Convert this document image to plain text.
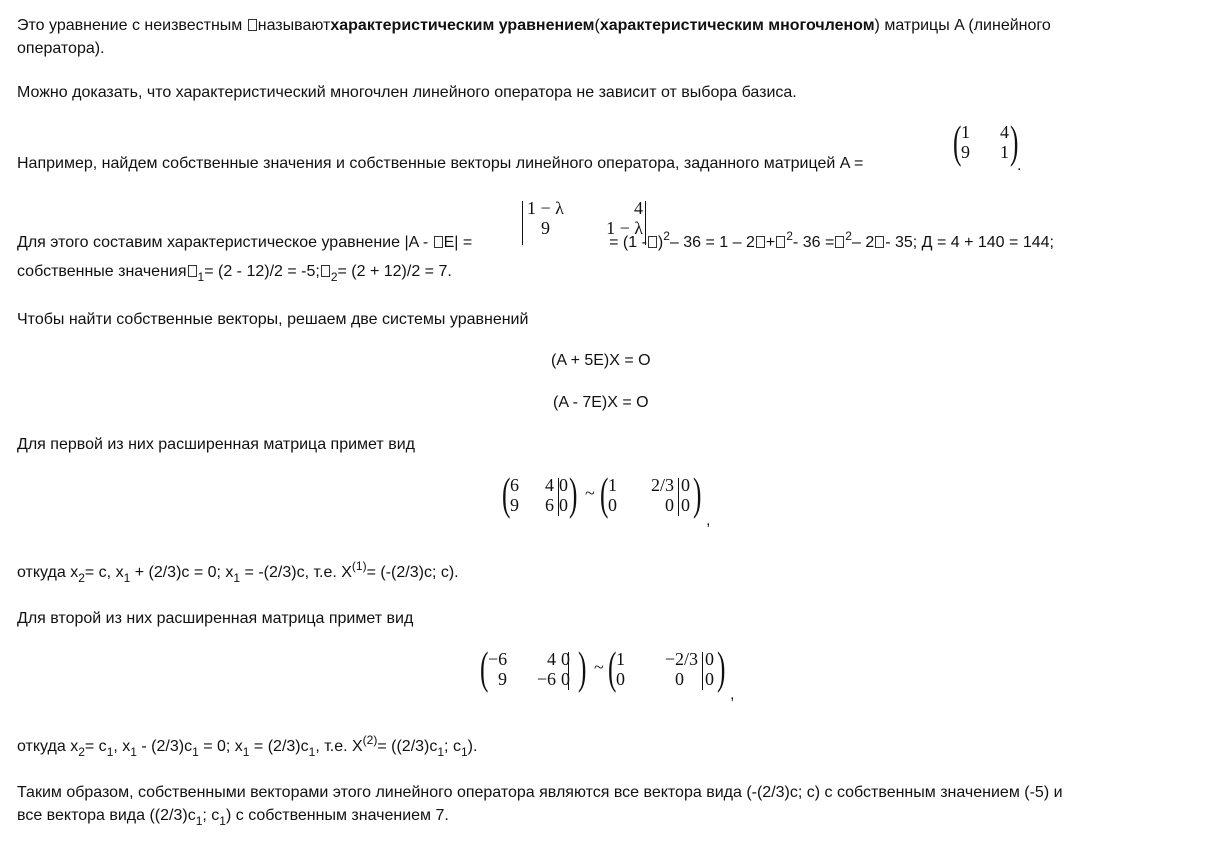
Это уравнение с неизвестным называютхарактеристическим уравнением(характеристическим многочленом) матрицы A (линейного
оператора).
Можно доказать, что характеристический многочлен линейного оператора не зависит от выбора базиса.
Например, найдем собственные значения и собственные векторы линейного оператора, заданного матрицей A = ( 1	4
9	1 )
.
Для этого составим характеристическое уравнение |A - E| =	= (1 - )$^2$– 36 = 1 – 2 + $^2$- 36 = $^2$– 2 - 35; Д = 4 + 140 = 144;
1 − λ	4
9	1 − λ
собственные значения $_1$= (2 - 12)/2 = -5; $_2$= (2 + 12)/2 = 7.
Чтобы найти собственные векторы, решаем две системы уравнений
(A + 5E)X = O
(A - 7E)X = O
Для первой из них расширенная матрица примет вид
( 6	4	0
9	6	0 ) ~ ( 1	2/3	0
0	0	0 )
,
откуда $x_2= c$, $x_1 + (2/3)c = 0$; $x_1 = -(2/3)c$, т.е. $X^{(1)}= (-(2/3)c$; c).
Для второй из них расширенная матрица примет вид
( −6	4	0
9	−6	0 ) ~ ( 1	−2/3	0
0	0	0 )
,
откуда $x_2= c_1$, $x_1 - (2/3)c_1 = 0$; $x_1 = (2/3)c_1$, т.е. $X^{(2)}= ((2/3)c_1$; $c_1$).
Таким образом, собственными векторами этого линейного оператора являются все вектора вида (-(2/3)c; c) с собственным значением (-5) и
все вектора вида ($(2/3)c_1$; $c_1$) с собственным значением 7.
